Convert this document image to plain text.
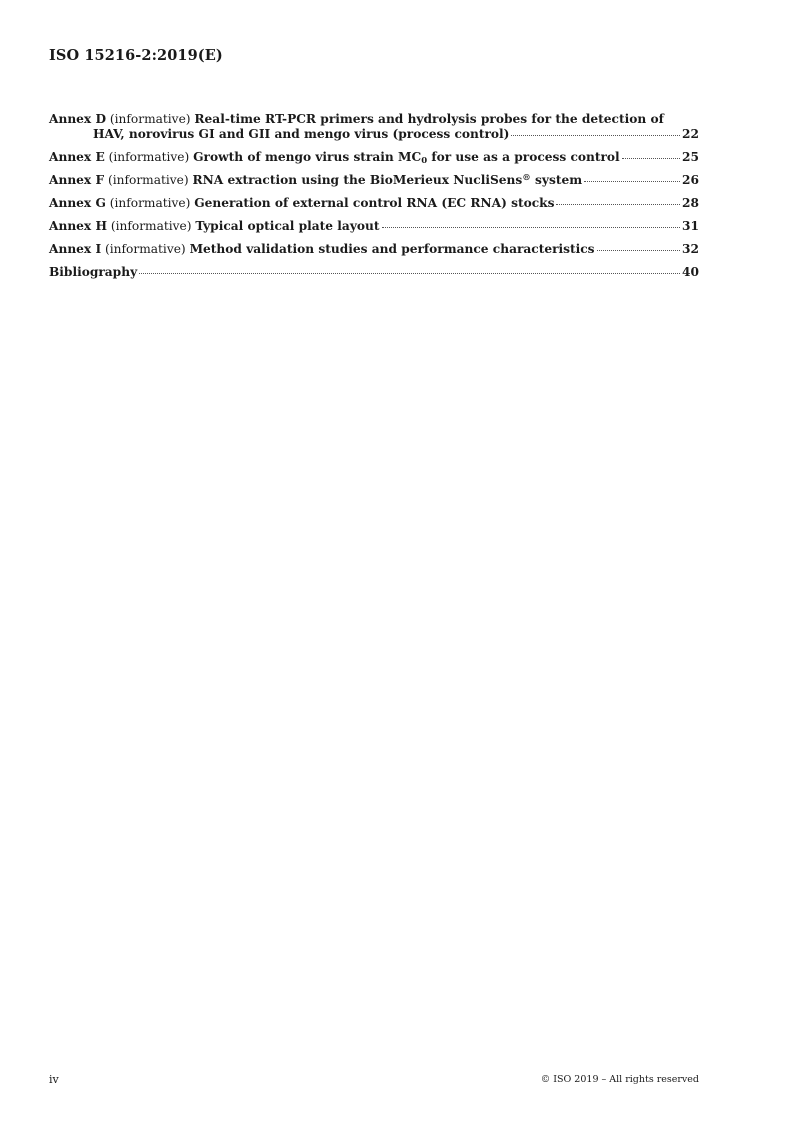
ISO 15216-2:2019(E)
Annex D (informative) Real-time RT-PCR primers and hydrolysis probes for the detection of
HAV, norovirus GI and GII and mengo virus (process control)	22
Annex E (informative) Growth of mengo virus strain $MC_0$ for use as a process control	25
Annex F (informative) RNA extraction using the BioMerieux NucliSens® system	26
Annex G (informative) Generation of external control RNA (EC RNA) stocks	28
Annex H (informative) Typical optical plate layout	31
Annex I (informative) Method validation studies and performance characteristics	32
Bibliography	40
iv	© ISO 2019 – All rights reserved
